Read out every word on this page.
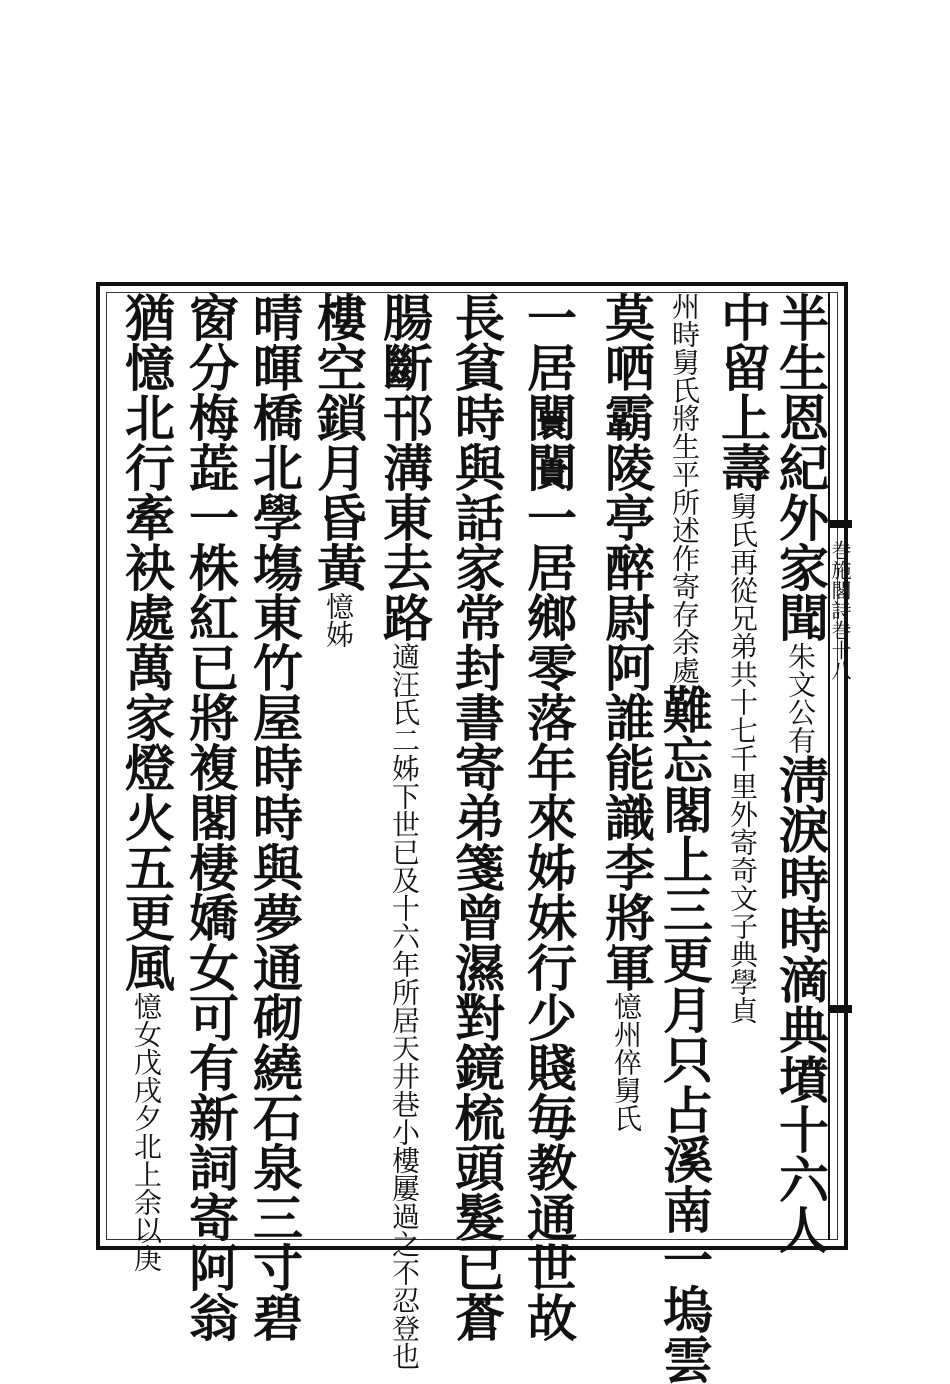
巻施閣詩巻十八
半生恩紀外家聞朱文公有淸淚時時滴典墳十六人
中留上壽舅氏再從兄弟共十七千里外寄奇文子典學貞
州時舅氏將生平所述作寄存余處難忘閣上三更月只占溪南一塢雲
莫哂霸陵亭醉尉阿誰能識李將軍憶州倅舅氏
一居闤闠一居鄉零落年來姊妹行少賤毎教通世故
長貧時與話家常封書寄弟箋曾濕對鏡梳頭髮已蒼
腸斷邗溝東去路適汪氏二姊下世已及十六年所居天井巷小樓屢過之不忍登也
樓空鎖月昏黃憶姊
晴暉橋北學塲東竹屋時時與夢通砌繞石泉三寸碧
窗分梅蕋一株紅已將複閣棲嬌女可有新詞寄阿翁
猶憶北行牽袂處萬家燈火五更風憶女戊戌夕北上余以庚
